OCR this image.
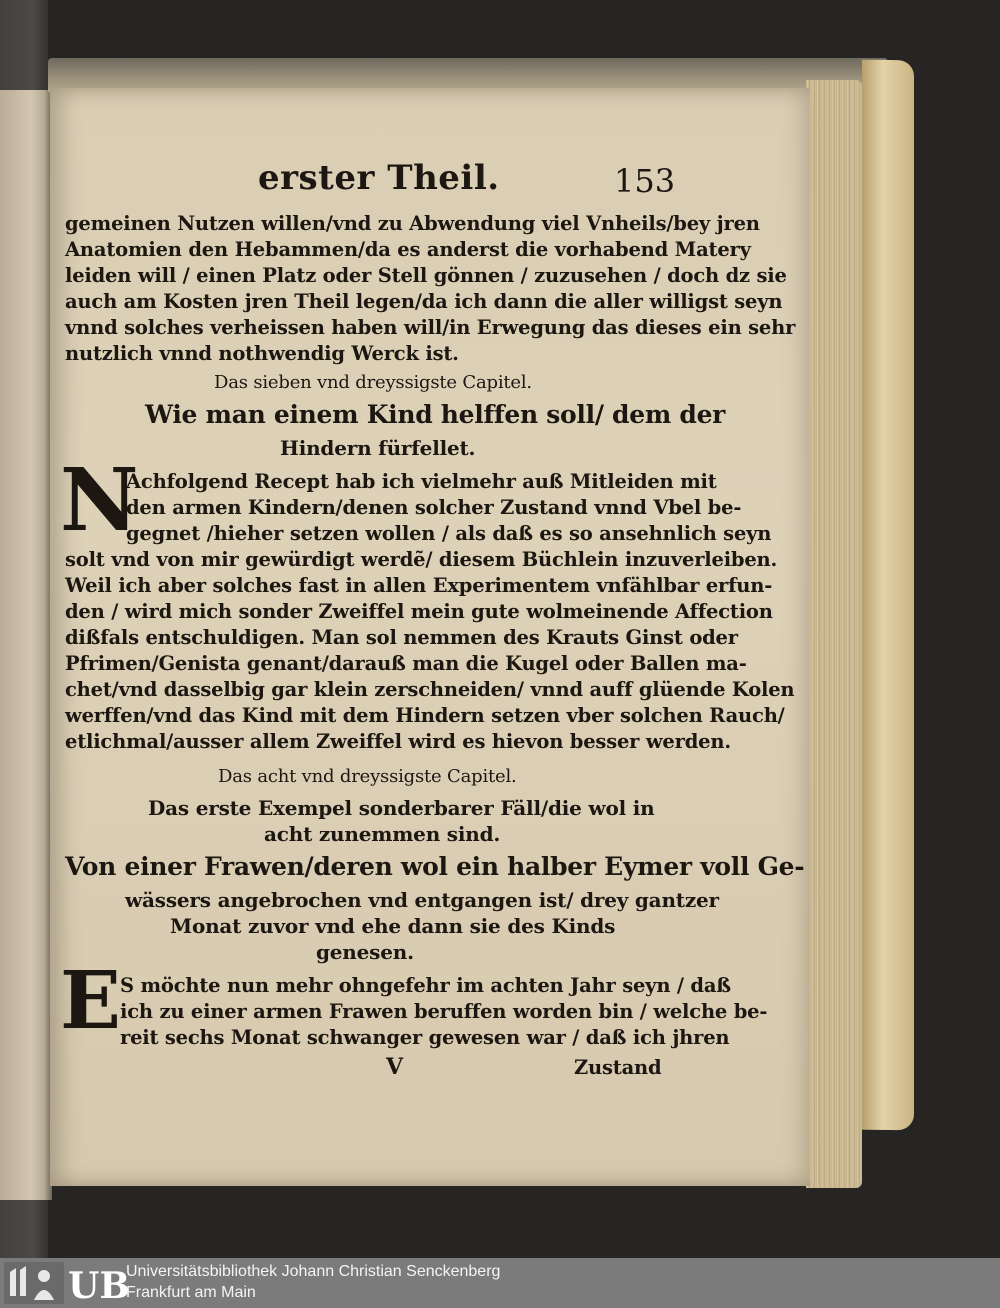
erster Theil.	153
gemeinen Nutzen willen/vnd zu Abwendung viel Vnheils/bey jren
Anatomien den Hebammen/da es anderst die vorhabend Matery
leiden will / einen Platz oder Stell gönnen / zuzusehen / doch dz sie
auch am Kosten jren Theil legen/da ich dann die aller willigst seyn
vnnd solches verheissen haben will/in Erwegung das dieses ein sehr
nutzlich vnnd nothwendig Werck ist.
Das sieben vnd dreyssigste Capitel.
Wie man einem Kind helffen soll/ dem der
Hindern fürfellet.
N
Achfolgend Recept hab ich vielmehr auß Mitleiden mit
den armen Kindern/denen solcher Zustand vnnd Vbel be-
gegnet /hieher setzen wollen / als daß es so ansehnlich seyn
solt vnd von mir gewürdigt werdẽ/ diesem Büchlein inzuverleiben.
Weil ich aber solches fast in allen Experimentem vnfählbar erfun-
den / wird mich sonder Zweiffel mein gute wolmeinende Affection
dißfals entschuldigen. Man sol nemmen des Krauts Ginst oder
Pfrimen/Genista genant/darauß man die Kugel oder Ballen ma-
chet/vnd dasselbig gar klein zerschneiden/ vnnd auff glüende Kolen
werffen/vnd das Kind mit dem Hindern setzen vber solchen Rauch/
etlichmal/ausser allem Zweiffel wird es hievon besser werden.
Das acht vnd dreyssigste Capitel.
Das erste Exempel sonderbarer Fäll/die wol in
acht zunemmen sind.
Von einer Frawen/deren wol ein halber Eymer voll Ge-
wässers angebrochen vnd entgangen ist/ drey gantzer
Monat zuvor vnd ehe dann sie des Kinds
genesen.
E S möchte nun mehr ohngefehr im achten Jahr seyn / daß
ich zu einer armen Frawen beruffen worden bin / welche be-
reit sechs Monat schwanger gewesen war / daß ich jhren
V	Zustand
UB
Universitätsbibliothek Johann Christian Senckenberg
Frankfurt am Main
